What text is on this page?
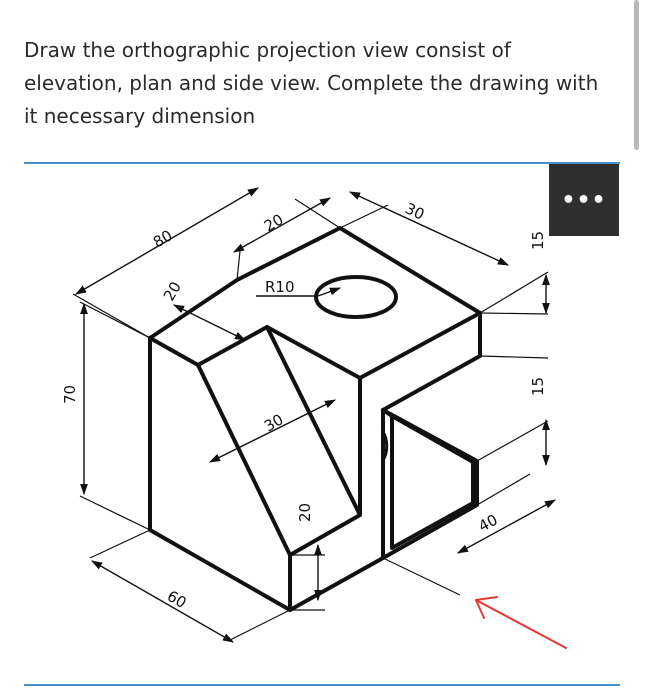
Draw the orthographic projection view consist of elevation, plan and side view. Complete the drawing with it necessary dimension

80
20	30
15
20	R10
70
30
15
20	40
60
•••
